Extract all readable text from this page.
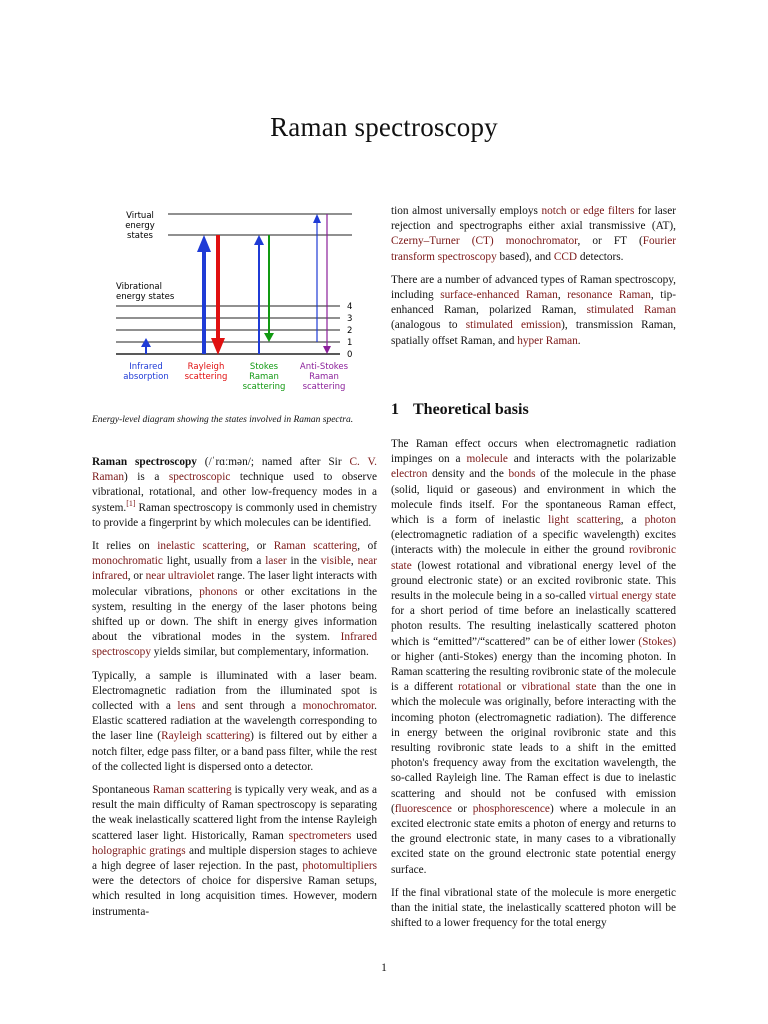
Raman spectroscopy
4
3
2
1
0
Virtual
energy
states
Vibrational
energy states
Infrared
absorption
Rayleigh
scattering
Stokes
Raman
scattering
Anti-Stokes
Raman
scattering
Energy-level diagram showing the states involved in Raman spectra.

Raman spectroscopy (/ˈrɑːmən/; named after Sir C. V. Raman) is a spectroscopic technique used to observe vibrational, rotational, and other low-frequency modes in a system.[1] Raman spectroscopy is commonly used in chemistry to provide a fingerprint by which molecules can be identified.

It relies on inelastic scattering, or Raman scattering, of monochromatic light, usually from a laser in the visible, near infrared, or near ultraviolet range. The laser light interacts with molecular vibrations, phonons or other excitations in the system, resulting in the energy of the laser photons being shifted up or down. The shift in energy gives information about the vibrational modes in the system. Infrared spectroscopy yields similar, but complementary, information.

Typically, a sample is illuminated with a laser beam. Electromagnetic radiation from the illuminated spot is collected with a lens and sent through a monochromator. Elastic scattered radiation at the wavelength corresponding to the laser line (Rayleigh scattering) is filtered out by either a notch filter, edge pass filter, or a band pass filter, while the rest of the collected light is dispersed onto a detector.

Spontaneous Raman scattering is typically very weak, and as a result the main difficulty of Raman spectroscopy is separating the weak inelastically scattered light from the intense Rayleigh scattered laser light. Historically, Raman spectrometers used holographic gratings and multiple dispersion stages to achieve a high degree of laser rejection. In the past, photomultipliers were the detectors of choice for dispersive Raman setups, which resulted in long acquisition times. However, modern instrumenta-

tion almost universally employs notch or edge filters for laser rejection and spectrographs either axial transmissive (AT), Czerny–Turner (CT) monochromator, or FT (Fourier transform spectroscopy based), and CCD detectors.

There are a number of advanced types of Raman spectroscopy, including surface-enhanced Raman, resonance Raman, tip-enhanced Raman, polarized Raman, stimulated Raman (analogous to stimulated emission), transmission Raman, spatially offset Raman, and hyper Raman.

1 Theoretical basis

The Raman effect occurs when electromagnetic radiation impinges on a molecule and interacts with the polarizable electron density and the bonds of the molecule in the phase (solid, liquid or gaseous) and environment in which the molecule finds itself. For the spontaneous Raman effect, which is a form of inelastic light scattering, a photon (electromagnetic radiation of a specific wavelength) excites (interacts with) the molecule in either the ground rovibronic state (lowest rotational and vibrational energy level of the ground electronic state) or an excited rovibronic state. This results in the molecule being in a so-called virtual energy state for a short period of time before an inelastically scattered photon results. The resulting inelastically scattered photon which is “emitted”/“scattered” can be of either lower (Stokes) or higher (anti-Stokes) energy than the incoming photon. In Raman scattering the resulting rovibronic state of the molecule is a different rotational or vibrational state than the one in which the molecule was originally, before interacting with the incoming photon (electromagnetic radiation). The difference in energy between the original rovibronic state and this resulting rovibronic state leads to a shift in the emitted photon's frequency away from the excitation wavelength, the so-called Rayleigh line. The Raman effect is due to inelastic scattering and should not be confused with emission (fluorescence or phosphorescence) where a molecule in an excited electronic state emits a photon of energy and returns to the ground electronic state, in many cases to a vibrationally excited state on the ground electronic state potential energy surface.

If the final vibrational state of the molecule is more energetic than the initial state, the inelastically scattered photon will be shifted to a lower frequency for the total energy

1
